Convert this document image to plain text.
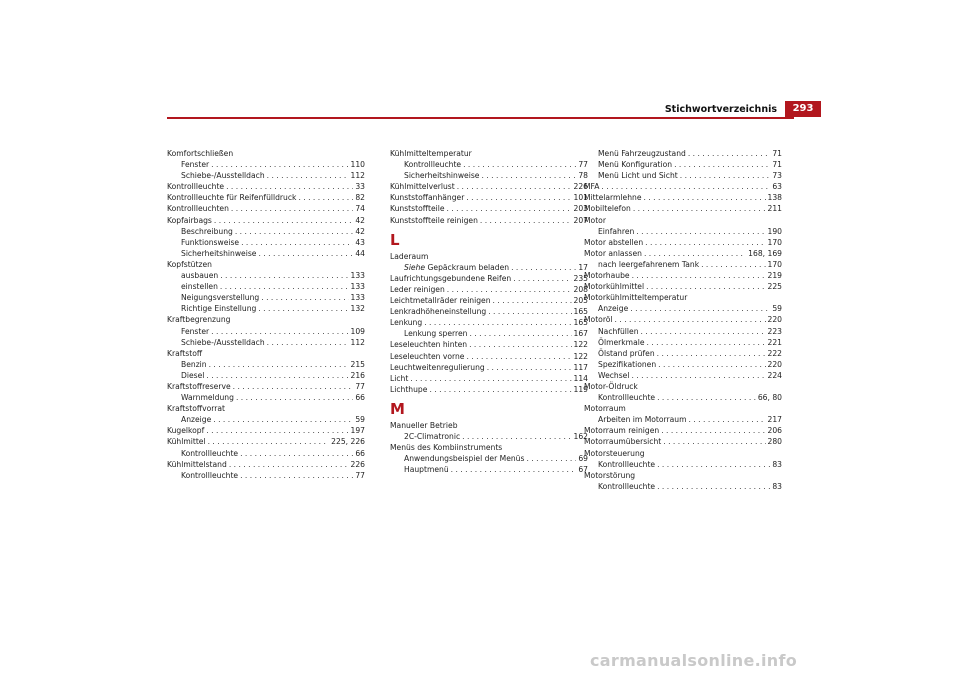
Stichwortverzeichnis	293
Komfortschließen
Fenster . . .	110
Schiebe-/Ausstelldach . . .	112
Kontrollleuchte . . .	33
Kontrollleuchte für Reifenfülldruck . . .	82
Kontrollleuchten . . .	74
Kopfairbags . . .	42
Beschreibung . . .	42
Funktionsweise . . .	43
Sicherheitshinweise . . .	44
Kopfstützen
ausbauen . . .	133
einstellen . . .	133
Neigungsverstellung . . .	133
Richtige Einstellung . . .	132
Kraftbegrenzung
Fenster . . .	109
Schiebe-/Ausstelldach . . .	112
Kraftstoff
Benzin . . .	215
Diesel . . .	216
Kraftstoffreserve . . .	77
Warnmeldung . . .	66
Kraftstoffvorrat
Anzeige . . .	59
Kugelkopf . . .	197
Kühlmittel . . .	225, 226
Kontrollleuchte . . .	66
Kühlmittelstand . . .	226
Kontrollleuchte . . .	77
Kühlmitteltemperatur
Kontrollleuchte . . .	77
Sicherheitshinweise . . .	78
Kühlmittelverlust . . .	226
Kunststoffanhänger . . .	101
Kunststoffteile . . .	203
Kunststoffteile reinigen . . .	207
L
Laderaum
Siehe Gepäckraum beladen . . .	17
Laufrichtungsgebundene Reifen . . .	235
Leder reinigen . . .	208
Leichtmetallräder reinigen . . .	205
Lenkradhöheneinstellung . . .	165
Lenkung . . .	165
Lenkung sperren . . .	167
Leseleuchten hinten . . .	122
Leseleuchten vorne . . .	122
Leuchtweitenregulierung . . .	117
Licht . . .	114
Lichthupe . . .	119
M
Manueller Betrieb
2C-Climatronic . . .	162
Menüs des Kombiinstruments
Anwendungsbeispiel der Menüs . . .	69
Hauptmenü . . .	67
Menü Fahrzeugzustand . . .	71
Menü Konfiguration . . .	71
Menü Licht und Sicht . . .	73
MFA . . .	63
Mittelarmlehne . . .	138
Mobiltelefon . . .	211
Motor
Einfahren . . .	190
Motor abstellen . . .	170
Motor anlassen . . .	168, 169
nach leergefahrenem Tank . . .	170
Motorhaube . . .	219
Motorkühlmittel . . .	225
Motorkühlmitteltemperatur
Anzeige . . .	59
Motoröl . . .	220
Nachfüllen . . .	223
Ölmerkmale . . .	221
Ölstand prüfen . . .	222
Spezifikationen . . .	220
Wechsel . . .	224
Motor-Öldruck
Kontrollleuchte . . .	66, 80
Motorraum
Arbeiten im Motorraum . . .	217
Motorraum reinigen . . .	206
Motorraumübersicht . . .	280
Motorsteuerung
Kontrollleuchte . . .	83
Motorstörung
Kontrollleuchte . . .	83
carmanualsonline.info
